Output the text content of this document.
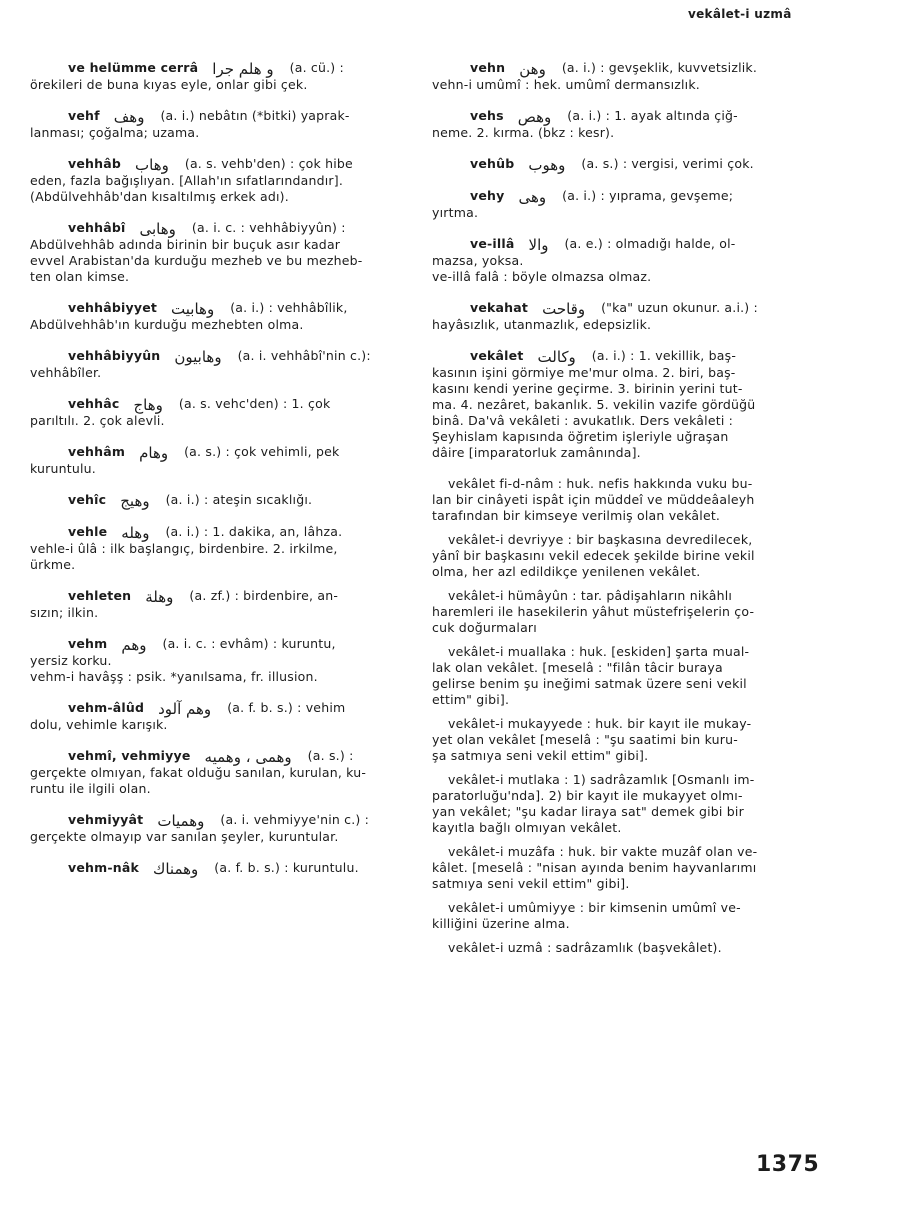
vekâlet-i uzmâ
ve helümme cerrâ و هلم جرا (a. cü.) :
örekileri de buna kıyas eyle, onlar gibi çek.
vehf وهف (a. i.) nebâtın (*bitki) yaprak-
lanması; çoğalma; uzama.
vehhâb وهاب (a. s. vehb'den) : çok hibe
eden, fazla bağışlıyan. [Allah'ın sıfatlarındandır].
(Abdülvehhâb'dan kısaltılmış erkek adı).
vehhâbî وهابى (a. i. c. : vehhâbiyyûn) :
Abdülvehhâb adında birinin bir buçuk asır kadar
evvel Arabistan'da kurduğu mezheb ve bu mezheb-
ten olan kimse.
vehhâbiyyet وهابيت (a. i.) : vehhâbîlik,
Abdülvehhâb'ın kurduğu mezhebten olma.
vehhâbiyyûn وهابيون (a. i. vehhâbî'nin c.):
vehhâbîler.
vehhâc وهاج (a. s. vehc'den) : 1. çok
parıltılı. 2. çok alevli.
vehhâm وهام (a. s.) : çok vehimli, pek
kuruntulu.
vehîc وهيج (a. i.) : ateşin sıcaklığı.
vehle وهله (a. i.) : 1. dakika, an, lâhza.
vehle-i ûlâ : ilk başlangıç, birdenbire. 2. irkilme,
ürkme.
vehleten وهلة (a. zf.) : birdenbire, an-
sızın; ilkin.
vehm وهم (a. i. c. : evhâm) : kuruntu,
yersiz korku.
vehm-i havâşş : psik. *yanılsama, fr. illusion.
vehm-âlûd وهم آلود (a. f. b. s.) : vehim
dolu, vehimle karışık.
vehmî, vehmiyye وهمى ، وهميه (a. s.) :
gerçekte olmıyan, fakat olduğu sanılan, kurulan, ku-
runtu ile ilgili olan.
vehmiyyât وهميات (a. i. vehmiyye'nin c.) :
gerçekte olmayıp var sanılan şeyler, kuruntular.
vehm-nâk وهمناك (a. f. b. s.) : kuruntulu.
vehn وهن (a. i.) : gevşeklik, kuvvetsizlik.
vehn-i umûmî : hek. umûmî dermansızlık.
vehs وهص (a. i.) : 1. ayak altında çiğ-
neme. 2. kırma. (bkz : kesr).
vehûb وهوب (a. s.) : vergisi, verimi çok.
vehy وهى (a. i.) : yıprama, gevşeme;
yırtma.
ve-illâ والا (a. e.) : olmadığı halde, ol-
mazsa, yoksa.
ve-illâ falâ : böyle olmazsa olmaz.
vekahat وقاحت ("ka" uzun okunur. a.i.) :
hayâsızlık, utanmazlık, edepsizlik.
vekâlet وكالت (a. i.) : 1. vekillik, baş-
kasının işini görmiye me'mur olma. 2. biri, baş-
kasını kendi yerine geçirme. 3. birinin yerini tut-
ma. 4. nezâret, bakanlık. 5. vekilin vazife gördüğü
binâ. Da'vâ vekâleti : avukatlık. Ders vekâleti :
Şeyhislam kapısında öğretim işleriyle uğraşan
dâire [imparatorluk zamânında].
vekâlet fi-d-nâm : huk. nefis hakkında vuku bu-
lan bir cinâyeti ispât için müddeî ve müddeâaleyh
tarafından bir kimseye verilmiş olan vekâlet.
vekâlet-i devriyye : bir başkasına devredilecek,
yânî bir başkasını vekil edecek şekilde birine vekil
olma, her azl edildikçe yenilenen vekâlet.
vekâlet-i hümâyûn : tar. pâdişahların nikâhlı
haremleri ile hasekilerin yâhut müstefrişelerin ço-
cuk doğurmaları
vekâlet-i muallaka : huk. [eskiden] şarta mual-
lak olan vekâlet. [meselâ : "filân tâcir buraya
gelirse benim şu ineğimi satmak üzere seni vekil
ettim" gibi].
vekâlet-i mukayyede : huk. bir kayıt ile mukay-
yet olan vekâlet [meselâ : "şu saatimi bin kuru-
şa satmıya seni vekil ettim" gibi].
vekâlet-i mutlaka : 1) sadrâzamlık [Osmanlı im-
paratorluğu'nda]. 2) bir kayıt ile mukayyet olmı-
yan vekâlet; "şu kadar liraya sat" demek gibi bir
kayıtla bağlı olmıyan vekâlet.
vekâlet-i muzâfa : huk. bir vakte muzâf olan ve-
kâlet. [meselâ : "nisan ayında benim hayvanlarımı
satmıya seni vekil ettim" gibi].
vekâlet-i umûmiyye : bir kimsenin umûmî ve-
killiğini üzerine alma.
vekâlet-i uzmâ : sadrâzamlık (başvekâlet).
1375
